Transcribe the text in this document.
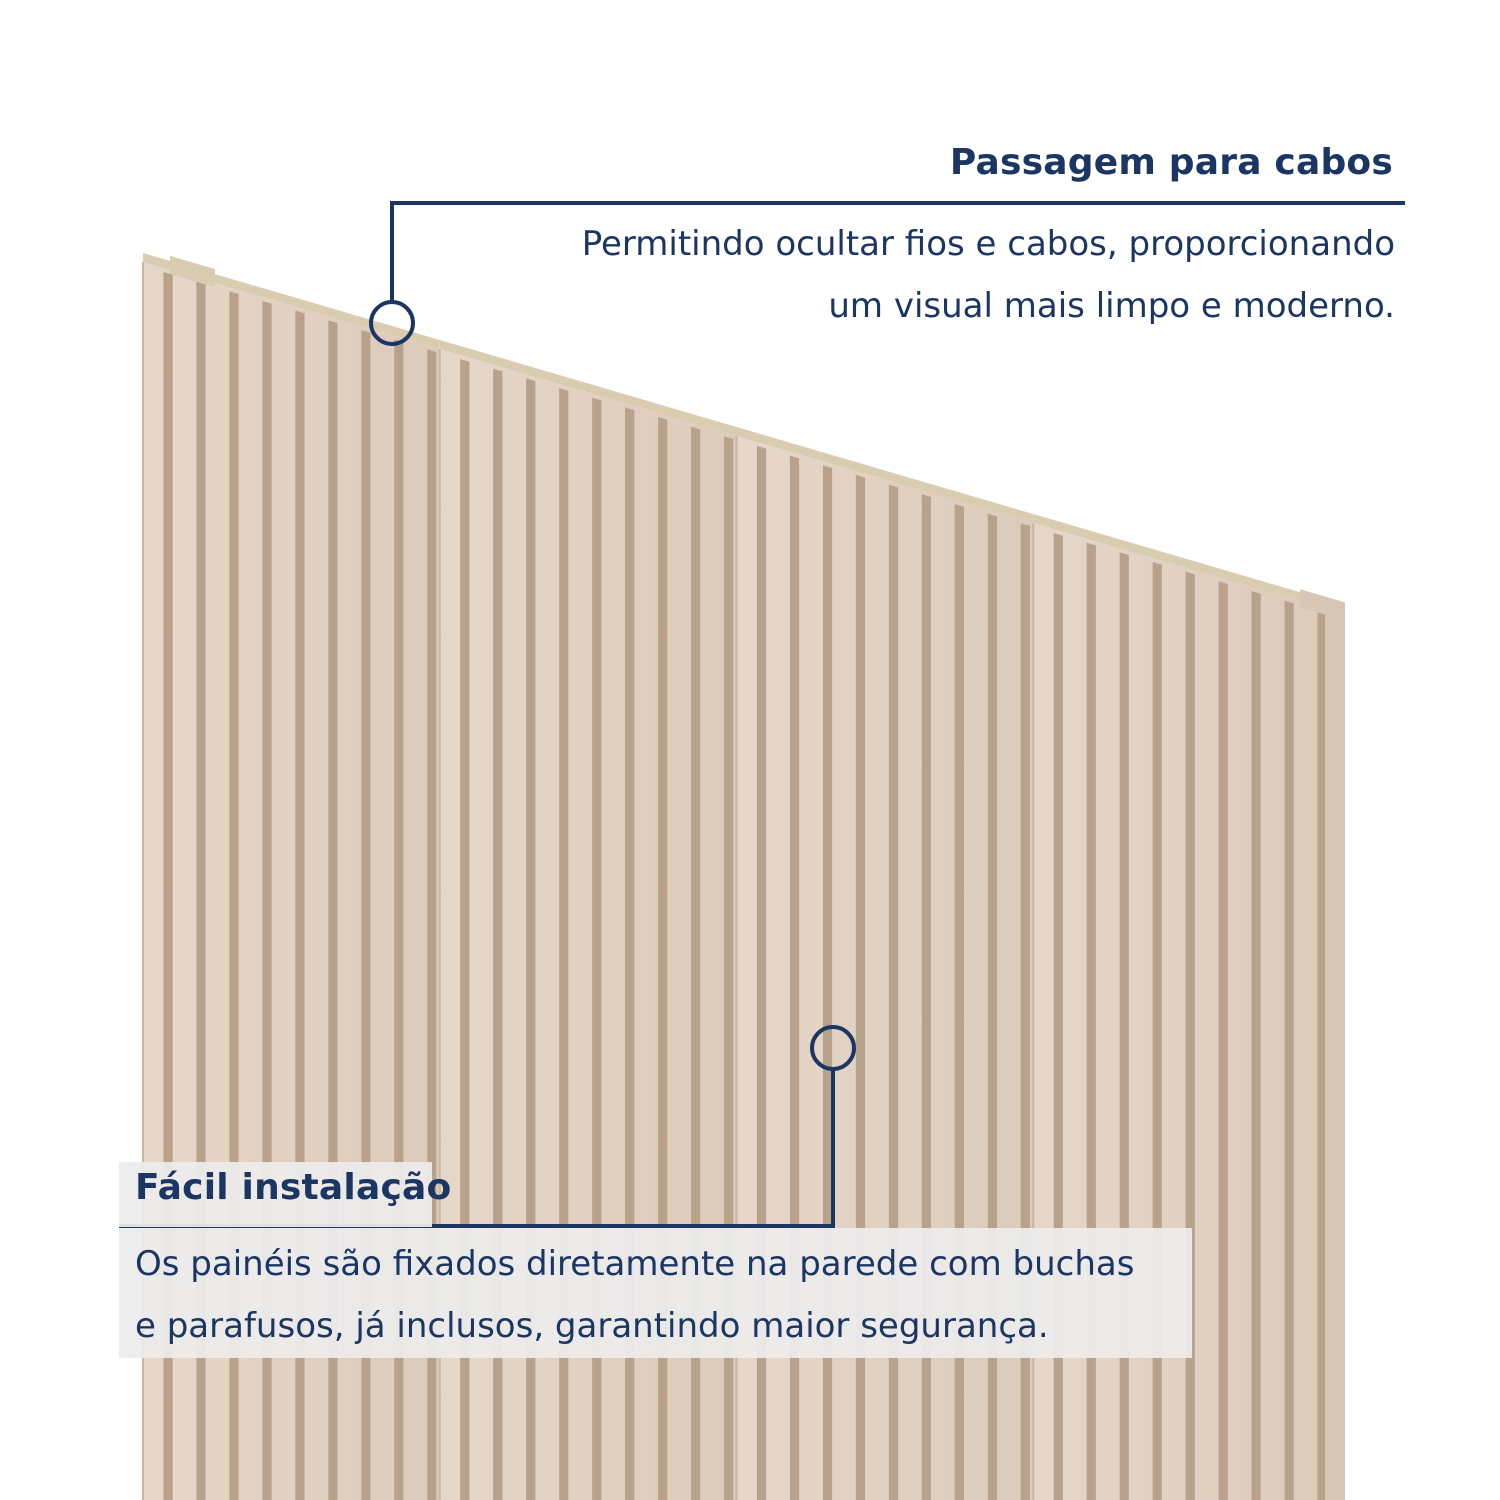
Passagem para cabos
Permitindo ocultar fios e cabos, proporcionando
um visual mais limpo e moderno.
Fácil instalação
Os painéis são fixados diretamente na parede com buchas
e parafusos, já inclusos, garantindo maior segurança.
